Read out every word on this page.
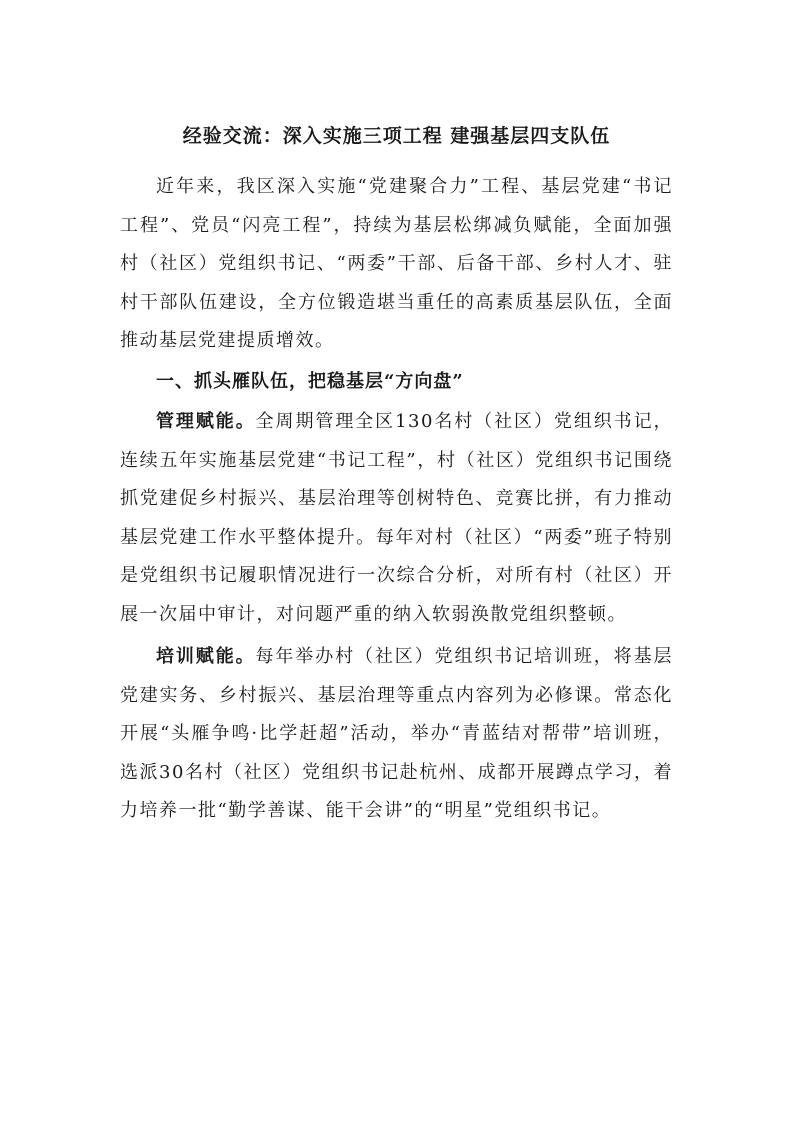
经验交流：深入实施三项工程 建强基层四支队伍

近年来，我区深入实施“党建聚合力”工程、基层党建“书记工程”、党员“闪亮工程”，持续为基层松绑减负赋能，全面加强村（社区）党组织书记、“两委”干部、后备干部、乡村人才、驻村干部队伍建设，全方位锻造堪当重任的高素质基层队伍，全面推动基层党建提质增效。

一、抓头雁队伍，把稳基层“方向盘”

管理赋能。全周期管理全区130名村（社区）党组织书记，连续五年实施基层党建“书记工程”，村（社区）党组织书记围绕抓党建促乡村振兴、基层治理等创树特色、竞赛比拼，有力推动基层党建工作水平整体提升。每年对村（社区）“两委”班子特别是党组织书记履职情况进行一次综合分析，对所有村（社区）开展一次届中审计，对问题严重的纳入软弱涣散党组织整顿。

培训赋能。每年举办村（社区）党组织书记培训班，将基层党建实务、乡村振兴、基层治理等重点内容列为必修课。常态化开展“头雁争鸣·比学赶超”活动，举办“青蓝结对帮带”培训班，选派30名村（社区）党组织书记赴杭州、成都开展蹲点学习，着力培养一批“勤学善谋、能干会讲”的“明星”党组织书记。
